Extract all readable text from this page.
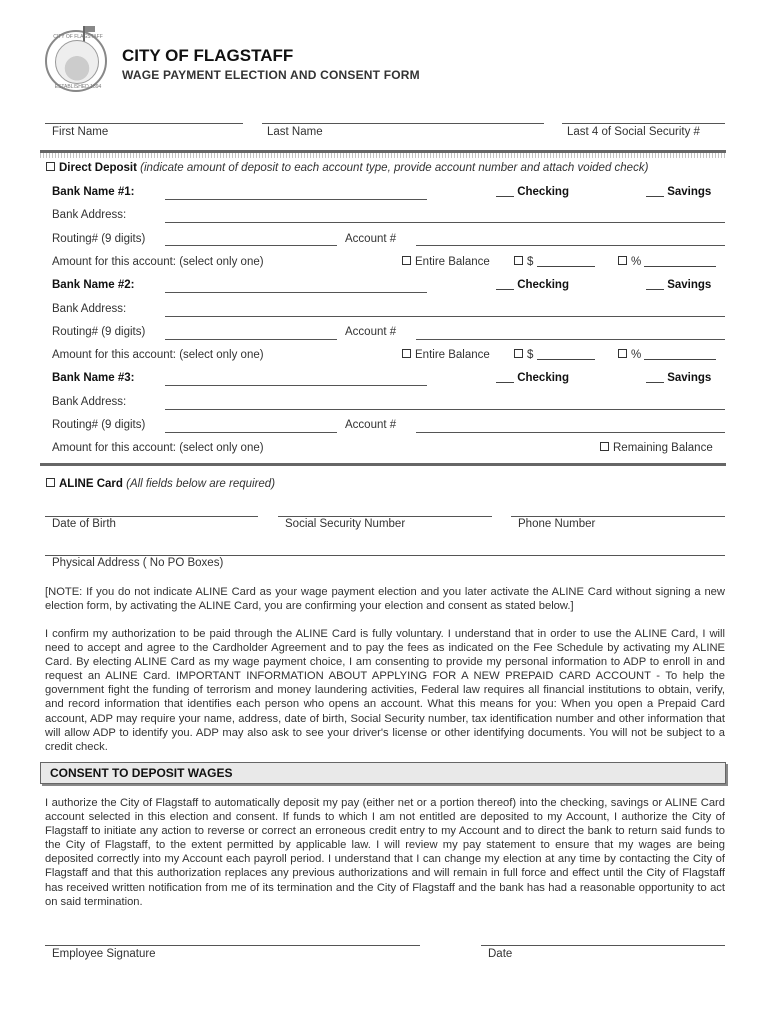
CITY OF FLAGSTAFF
ESTABLISHED 1894
CITY OF FLAGSTAFF
WAGE PAYMENT ELECTION AND CONSENT FORM
First Name	Last Name	Last 4 of Social Security #
Direct Deposit (indicate amount of deposit to each account type, provide account number and attach voided check)
Bank Name #1:	Checking	Savings
Bank Address:
Routing# (9 digits)	Account #
Amount for this account: (select only one)	Entire Balance	$	%
Bank Name #2:	Checking	Savings
Bank Address:
Routing# (9 digits)	Account #
Amount for this account: (select only one)	Entire Balance	$	%
Bank Name #3:	Checking	Savings
Bank Address:
Routing# (9 digits)	Account #
Amount for this account: (select only one)	Remaining Balance
ALINE Card (All fields below are required)
Date of Birth	Social Security Number	Phone Number
Physical Address ( No PO Boxes)
[NOTE: If you do not indicate ALINE Card as your wage payment election and you later activate the ALINE Card without signing a new election form, by activating the ALINE Card, you are confirming your election and consent as stated below.]
I confirm my authorization to be paid through the ALINE Card is fully voluntary. I understand that in order to use the ALINE Card, I will need to accept and agree to the Cardholder Agreement and to pay the fees as indicated on the Fee Schedule by activating my ALINE Card. By electing ALINE Card as my wage payment choice, I am consenting to provide my personal information to ADP to enroll in and request an ALINE Card. IMPORTANT INFORMATION ABOUT APPLYING FOR A NEW PREPAID CARD ACCOUNT - To help the government fight the funding of terrorism and money laundering activities, Federal law requires all financial institutions to obtain, verify, and record information that identifies each person who opens an account. What this means for you: When you open a Prepaid Card account, ADP may require your name, address, date of birth, Social Security number, tax identification number and other information that will allow ADP to identify you. ADP may also ask to see your driver's license or other identifying documents. You will not be subject to a credit check.
CONSENT TO DEPOSIT WAGES
I authorize the City of Flagstaff to automatically deposit my pay (either net or a portion thereof) into the checking, savings or ALINE Card account selected in this election and consent. If funds to which I am not entitled are deposited to my Account, I authorize the City of Flagstaff to initiate any action to reverse or correct an erroneous credit entry to my Account and to direct the bank to return said funds to the City of Flagstaff, to the extent permitted by applicable law. I will review my pay statement to ensure that my wages are being deposited correctly into my Account each payroll period. I understand that I can change my election at any time by contacting the City of Flagstaff and that this authorization replaces any previous authorizations and will remain in full force and effect until the City of Flagstaff has received written notification from me of its termination and the City of Flagstaff and the bank has had a reasonable opportunity to act on said termination.
Employee Signature	Date
